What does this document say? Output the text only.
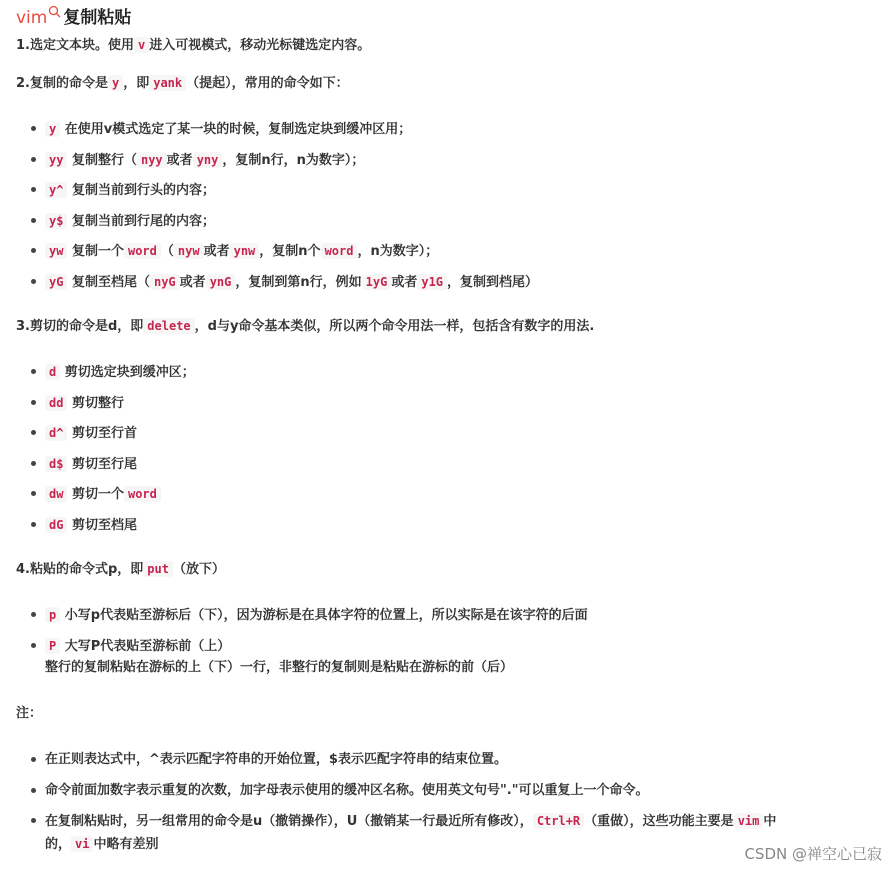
vim 复制粘贴
1.选定文本块。使用 v 进入可视模式，移动光标键选定内容。
2.复制的命令是 y ，即 yank （提起），常用的命令如下：
y 在使用v模式选定了某一块的时候，复制选定块到缓冲区用；
yy 复制整行（ nyy 或者 yny ，复制n行，n为数字）；
y^ 复制当前到行头的内容；
y$ 复制当前到行尾的内容；
yw 复制一个 word （ nyw 或者 ynw ，复制n个 word ，n为数字）；
yG 复制至档尾（ nyG 或者 ynG ，复制到第n行，例如 1yG 或者 y1G ，复制到档尾）
3.剪切的命令是d，即 delete ，d与y命令基本类似，所以两个命令用法一样，包括含有数字的用法.
d 剪切选定块到缓冲区；
dd 剪切整行
d^ 剪切至行首
d$ 剪切至行尾
dw 剪切一个 word
dG 剪切至档尾
4.粘贴的命令式p，即 put （放下）
p 小写p代表贴至游标后（下），因为游标是在具体字符的位置上，所以实际是在该字符的后面
P 大写P代表贴至游标前（上）
整行的复制粘贴在游标的上（下）一行，非整行的复制则是粘贴在游标的前（后）
注：
在正则表达式中，^表示匹配字符串的开始位置，$表示匹配字符串的结束位置。
命令前面加数字表示重复的次数，加字母表示使用的缓冲区名称。使用英文句号"."可以重复上一个命令。
在复制粘贴时，另一组常用的命令是u（撤销操作），U（撤销某一行最近所有修改）， Ctrl+R （重做），这些功能主要是 vim 中
的， vi 中略有差别
CSDN @禅空心已寂
